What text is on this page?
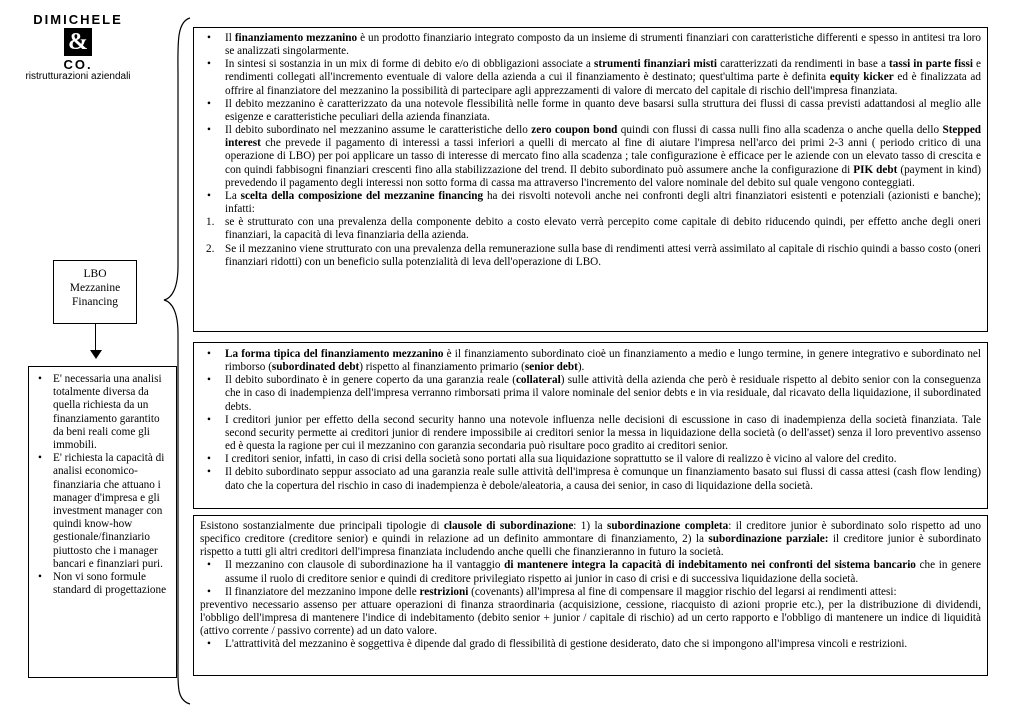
DIMICHELE
&
CO.
ristrutturazioni aziendali
LBO
Mezzanine
Financing
• E' necessaria una analisi totalmente diversa da quella richiesta da un finanziamento garantito da beni reali come gli immobili.
• E' richiesta la capacità di analisi economico-finanziaria che attuano i manager d'impresa e gli investment manager con quindi know-how gestionale/finanziario piuttosto che i manager bancari e finanziari puri.
• Non vi sono formule standard di progettazione
• Il finanziamento mezzanino è un prodotto finanziario integrato composto da un insieme di strumenti finanziari con caratteristiche differenti e spesso in antitesi tra loro se analizzati singolarmente.
• In sintesi si sostanzia in un mix di forme di debito e/o di obbligazioni associate a strumenti finanziari misti caratterizzati da rendimenti in base a tassi in parte fissi e rendimenti collegati all'incremento eventuale di valore della azienda a cui il finanziamento è destinato; quest'ultima parte è definita equity kicker ed è finalizzata ad offrire al finanziatore del mezzanino la possibilità di partecipare agli apprezzamenti di valore di mercato del capitale di rischio dell'impresa finanziata.
• Il debito mezzanino è caratterizzato da una notevole flessibilità nelle forme in quanto deve basarsi sulla struttura dei flussi di cassa previsti adattandosi al meglio alle esigenze e caratteristiche peculiari della azienda finanziata.
• Il debito subordinato nel mezzanino assume le caratteristiche dello zero coupon bond quindi con flussi di cassa nulli fino alla scadenza o anche quella dello Stepped interest che prevede il pagamento di interessi a tassi inferiori a quelli di mercato al fine di aiutare l'impresa nell'arco dei primi 2-3 anni ( periodo critico di una operazione di LBO) per poi applicare un tasso di interesse di mercato fino alla scadenza ; tale configurazione è efficace per le aziende con un elevato tasso di crescita e con quindi fabbisogni finanziari crescenti fino alla stabilizzazione del trend. Il debito subordinato può assumere anche la configurazione di PIK debt (payment in kind) prevedendo il pagamento degli interessi non sotto forma di cassa ma attraverso l'incremento del valore nominale del debito sul quale vengono conteggiati.
• La scelta della composizione del mezzanine financing ha dei risvolti notevoli anche nei confronti degli altri finanziatori esistenti e potenziali (azionisti e banche); infatti:
1. se è strutturato con una prevalenza della componente debito a costo elevato verrà percepito come capitale di debito riducendo quindi, per effetto anche degli oneri finanziari, la capacità di leva finanziaria della azienda.
2. Se il mezzanino viene strutturato con una prevalenza della remunerazione sulla base di rendimenti attesi verrà assimilato al capitale di rischio quindi a basso costo (oneri finanziari ridotti) con un beneficio sulla potenzialità di leva dell'operazione di LBO.
• La forma tipica del finanziamento mezzanino è il finanziamento subordinato cioè un finanziamento a medio e lungo termine, in genere integrativo e subordinato nel rimborso (subordinated debt) rispetto al finanziamento primario (senior debt).
• Il debito subordinato è in genere coperto da una garanzia reale (collateral) sulle attività della azienda che però è residuale rispetto al debito senior con la conseguenza che in caso di inadempienza dell'impresa verranno rimborsati prima il valore nominale del senior debts e in via residuale, dal ricavato della liquidazione, il subordinated debts.
• I creditori junior per effetto della second security hanno una notevole influenza nelle decisioni di escussione in caso di inadempienza della società finanziata. Tale second security permette ai creditori junior di rendere impossibile ai creditori senior la messa in liquidazione della società (o dell'asset) senza il loro preventivo assenso ed è questa la ragione per cui il mezzanino con garanzia secondaria può risultare poco gradito ai creditori senior.
• I creditori senior, infatti, in caso di crisi della società sono portati alla sua liquidazione soprattutto se il valore di realizzo è vicino al valore del credito.
• Il debito subordinato seppur associato ad una garanzia reale sulle attività dell'impresa è comunque un finanziamento basato sui flussi di cassa attesi (cash flow lending) dato che la copertura del rischio in caso di inadempienza è debole/aleatoria, a causa dei senior, in caso di liquidazione della società.

Esistono sostanzialmente due principali tipologie di clausole di subordinazione: 1) la subordinazione completa: il creditore junior è subordinato solo rispetto ad uno specifico creditore (creditore senior) e quindi in relazione ad un definito ammontare di finanziamento, 2) la subordinazione parziale: il creditore junior è subordinato rispetto a tutti gli altri creditori dell'impresa finanziata includendo anche quelli che finanzieranno in futuro la società.

• Il mezzanino con clausole di subordinazione ha il vantaggio di mantenere integra la capacità di indebitamento nei confronti del sistema bancario che in genere assume il ruolo di creditore senior e quindi di creditore privilegiato rispetto ai junior in caso di crisi e di successiva liquidazione della società.
• Il finanziatore del mezzanino impone delle restrizioni (covenants) all'impresa al fine di compensare il maggior rischio del legarsi ai rendimenti attesi:

preventivo necessario assenso per attuare operazioni di finanza straordinaria (acquisizione, cessione, riacquisto di azioni proprie etc.), per la distribuzione di dividendi, l'obbligo dell'impresa di mantenere l'indice di indebitamento (debito senior + junior / capitale di rischio) ad un certo rapporto e l'obbligo di mantenere un indice di liquidità (attivo corrente / passivo corrente) ad un dato valore.

• L'attrattività del mezzanino è soggettiva è dipende dal grado di flessibilità di gestione desiderato, dato che si impongono all'impresa vincoli e restrizioni.
